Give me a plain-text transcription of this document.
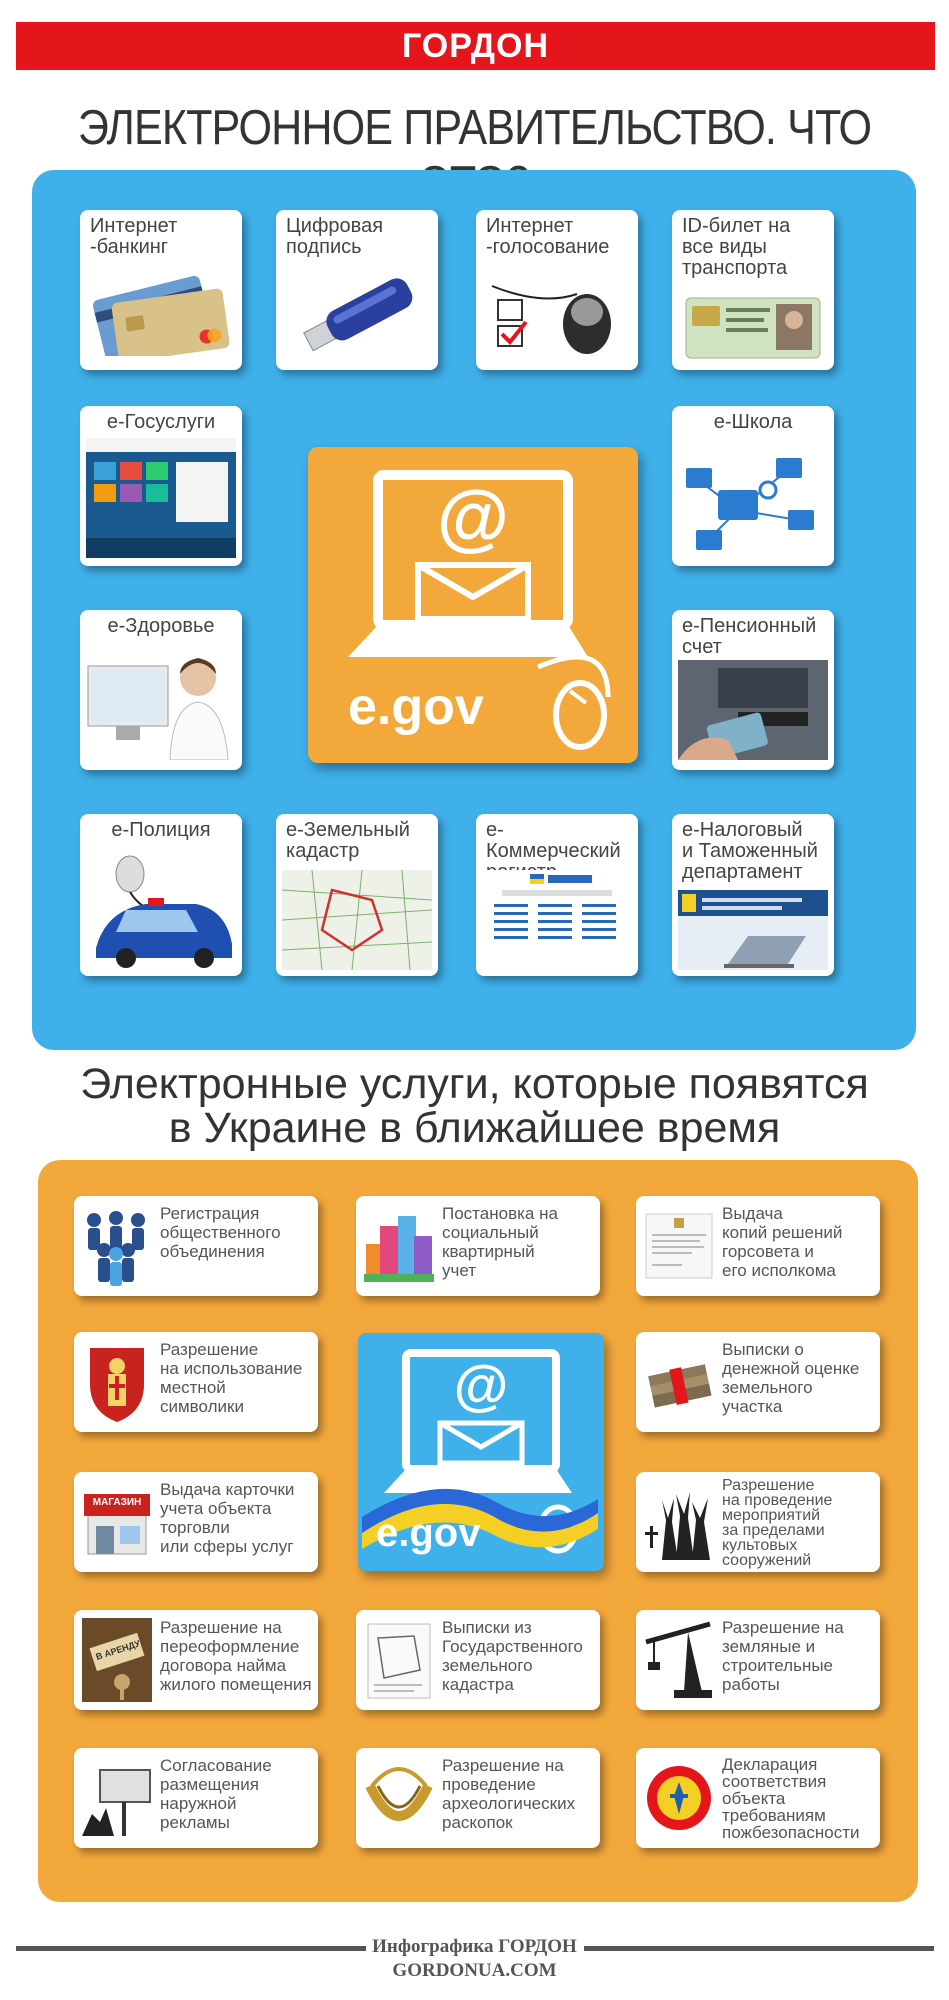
ГОРДОН
ЭЛЕКТРОННОЕ ПРАВИТЕЛЬСТВО. ЧТО
Интернет
-банкинг
Цифровая
подпись
Интернет
-голосование
ID-билет на
все виды
транспорта
е-Госуслуги	е-Школа
е-Здоровье	е-Пенсионный
счет
е-Полиция	е-Земельный
кадастр
е-Коммерческий

е-Налоговый
и Таможенный
департамент
@
e.gov
Электронные услуги, которые появятся
в Украине в ближайшее время
Регистрация
общественного
объединения
Постановка на
социальный
квартирный
учет
Выдача
копий решений
горсовета и
его исполкома
Разрешение
на использование
местной
символики
Выписки о
денежной оценке
земельного
участка
МАГАЗИН
Выдача карточки
учета объекта
торговли
или сферы услуг
Разрешение
на проведение
мероприятий
за пределами
культовых
сооружений
В АРЕНДУ
Разрешение на
переоформление
договора найма
жилого помещения
Выписки из
Государственного
земельного
кадастра
Разрешение на
земляные и
строительные
работы
Согласование
размещения
наружной
рекламы
Разрешение на
проведение
археологических
раскопок
Декларация
соответствия
объекта
требованиям
пожбезопасности
@
e.gov
Инфографика ГОРДОН
GORDONUA.COM
